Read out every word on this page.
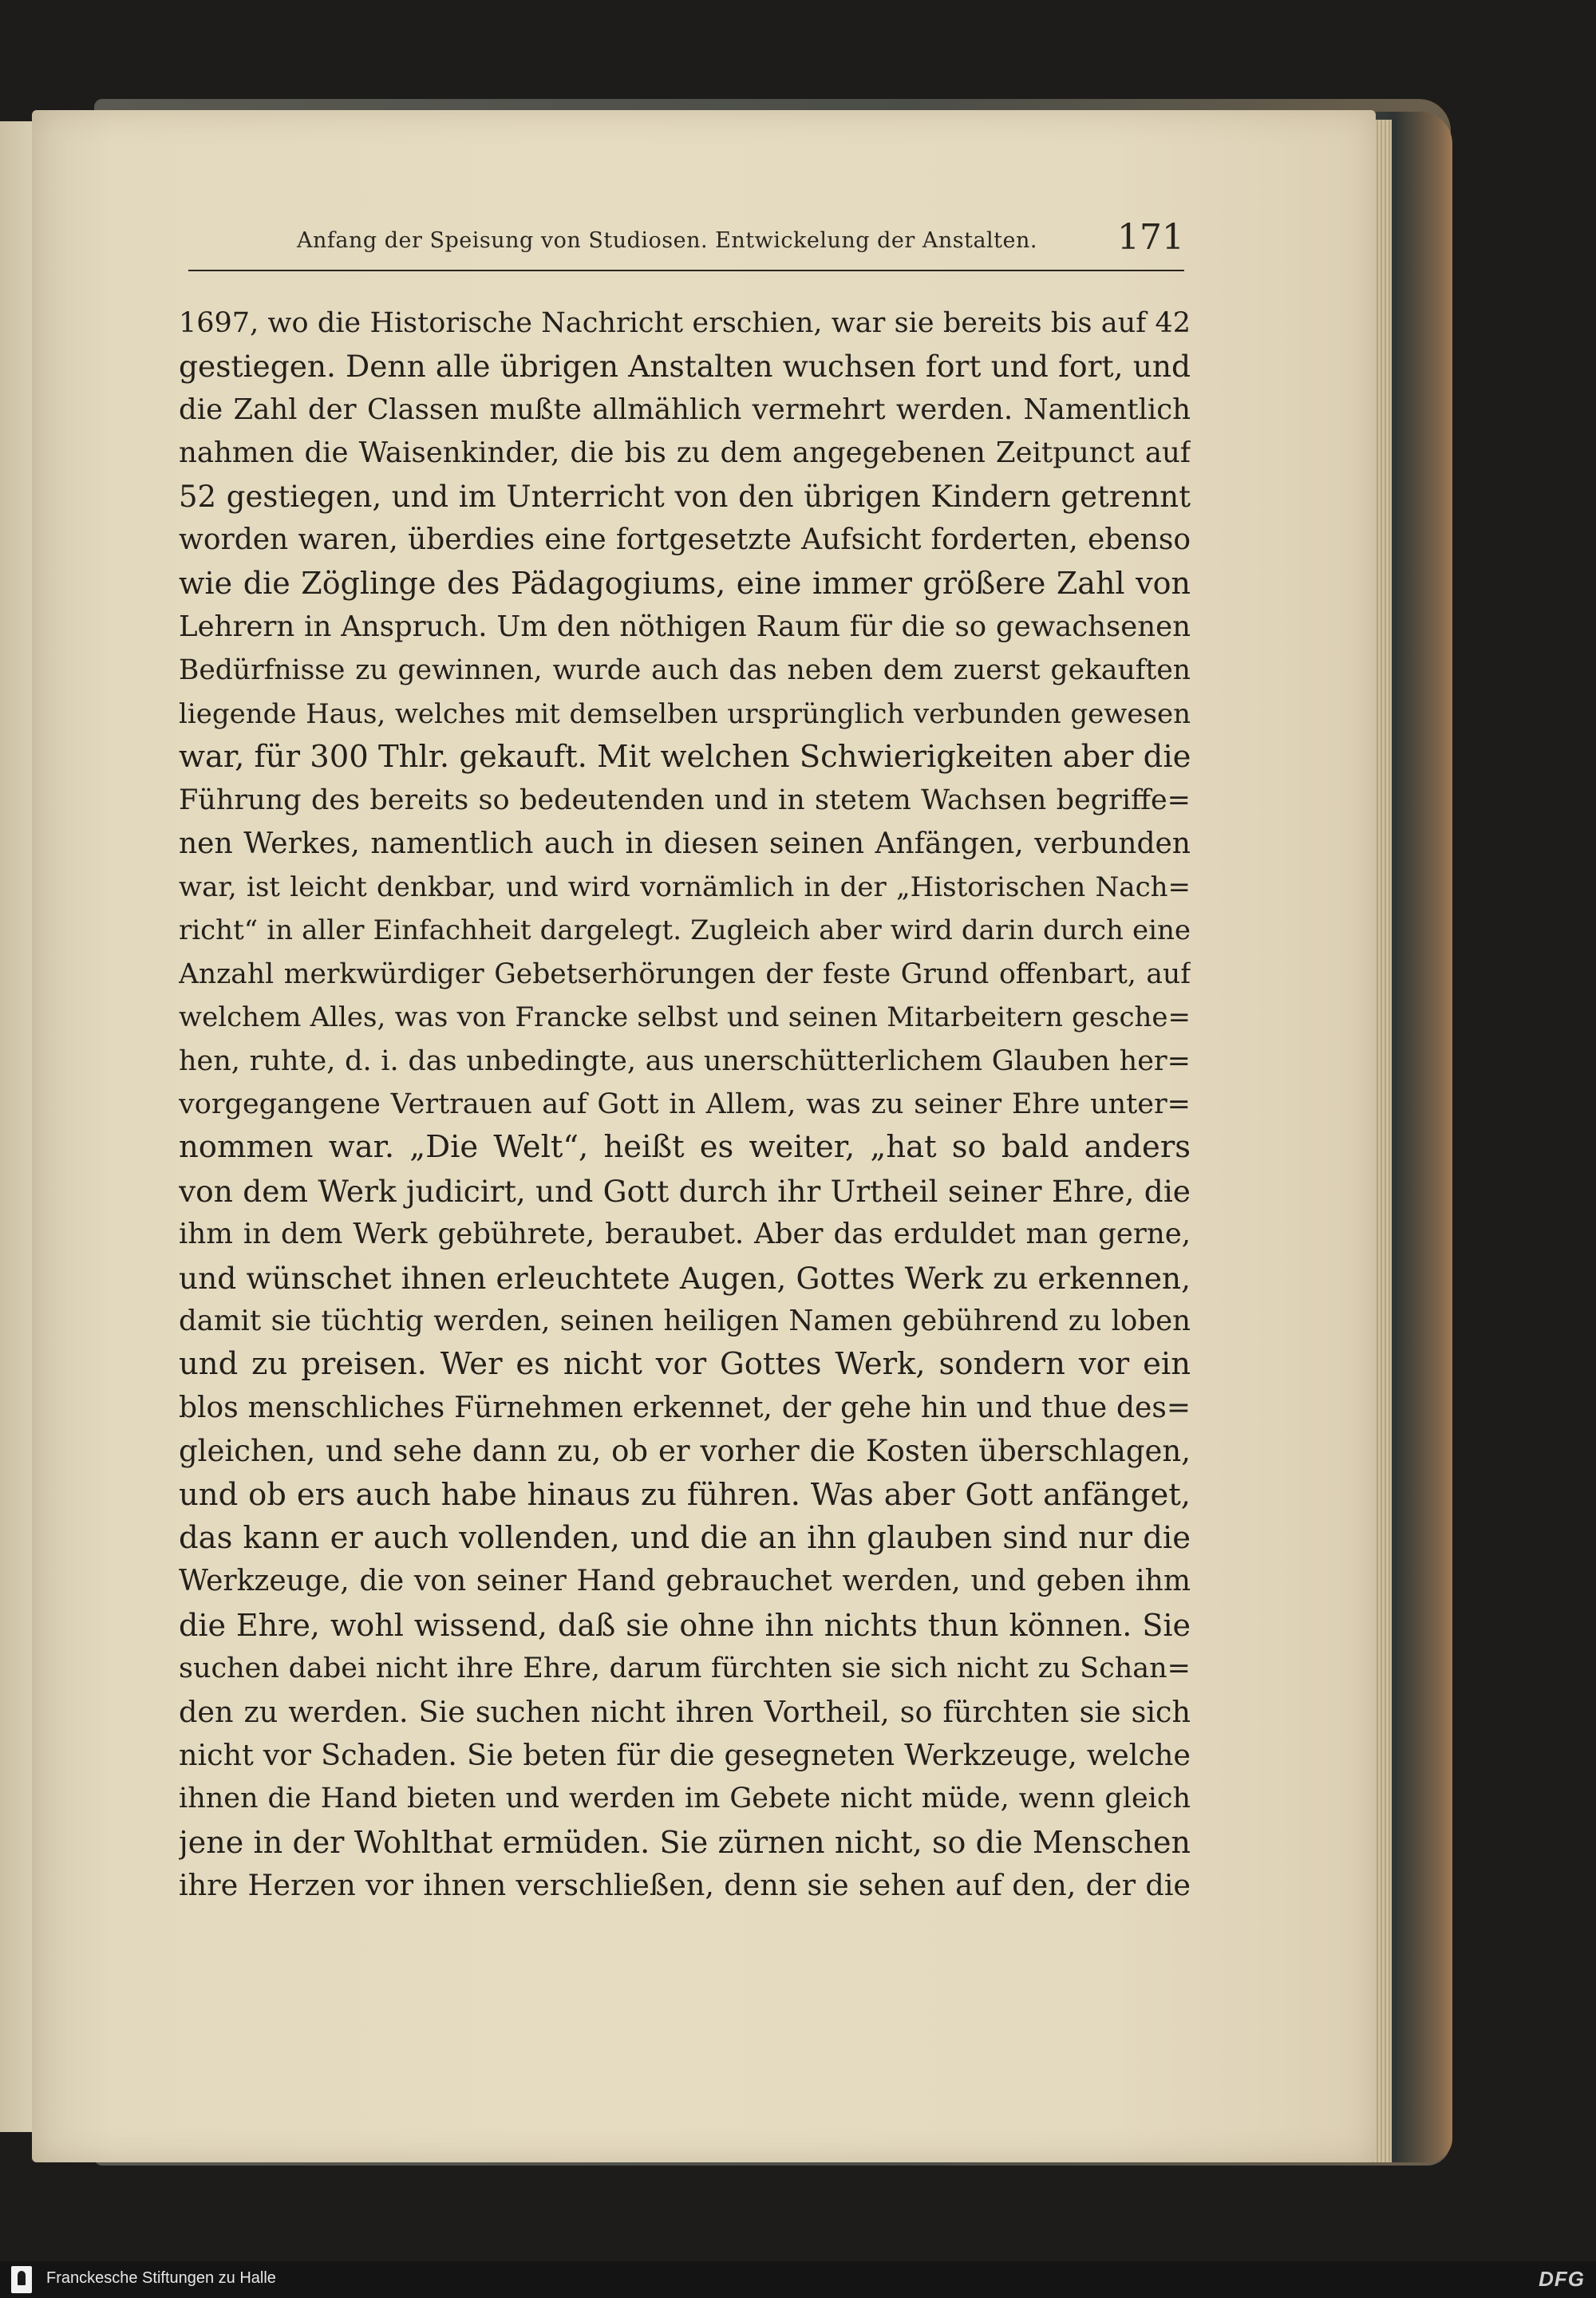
Anfang der Speisung von Studiosen. Entwickelung der Anstalten. 171
1697, wo die Historische Nachricht erschien, war sie bereits bis auf 42
gestiegen. Denn alle übrigen Anstalten wuchsen fort und fort, und
die Zahl der Classen mußte allmählich vermehrt werden. Namentlich
nahmen die Waisenkinder, die bis zu dem angegebenen Zeitpunct auf
52 gestiegen, und im Unterricht von den übrigen Kindern getrennt
worden waren, überdies eine fortgesetzte Aufsicht forderten, ebenso
wie die Zöglinge des Pädagogiums, eine immer größere Zahl von
Lehrern in Anspruch. Um den nöthigen Raum für die so gewachsenen
Bedürfnisse zu gewinnen, wurde auch das neben dem zuerst gekauften
liegende Haus, welches mit demselben ursprünglich verbunden gewesen
war, für 300 Thlr. gekauft. Mit welchen Schwierigkeiten aber die
Führung des bereits so bedeutenden und in stetem Wachsen begriffe=
nen Werkes, namentlich auch in diesen seinen Anfängen, verbunden
war, ist leicht denkbar, und wird vornämlich in der „Historischen Nach=
richt“ in aller Einfachheit dargelegt. Zugleich aber wird darin durch eine
Anzahl merkwürdiger Gebetserhörungen der feste Grund offenbart, auf
welchem Alles, was von Francke selbst und seinen Mitarbeitern gesche=
hen, ruhte, d. i. das unbedingte, aus unerschütterlichem Glauben her=
vorgegangene Vertrauen auf Gott in Allem, was zu seiner Ehre unter=
nommen war. „Die Welt“, heißt es weiter, „hat so bald anders
von dem Werk judicirt, und Gott durch ihr Urtheil seiner Ehre, die
ihm in dem Werk gebührete, beraubet. Aber das erduldet man gerne,
und wünschet ihnen erleuchtete Augen, Gottes Werk zu erkennen,
damit sie tüchtig werden, seinen heiligen Namen gebührend zu loben
und zu preisen. Wer es nicht vor Gottes Werk, sondern vor ein
blos menschliches Fürnehmen erkennet, der gehe hin und thue des=
gleichen, und sehe dann zu, ob er vorher die Kosten überschlagen,
und ob ers auch habe hinaus zu führen. Was aber Gott anfänget,
das kann er auch vollenden, und die an ihn glauben sind nur die
Werkzeuge, die von seiner Hand gebrauchet werden, und geben ihm
die Ehre, wohl wissend, daß sie ohne ihn nichts thun können. Sie
suchen dabei nicht ihre Ehre, darum fürchten sie sich nicht zu Schan=
den zu werden. Sie suchen nicht ihren Vortheil, so fürchten sie sich
nicht vor Schaden. Sie beten für die gesegneten Werkzeuge, welche
ihnen die Hand bieten und werden im Gebete nicht müde, wenn gleich
jene in der Wohlthat ermüden. Sie zürnen nicht, so die Menschen
ihre Herzen vor ihnen verschließen, denn sie sehen auf den, der die
Franckesche Stiftungen zu Halle	DFG
